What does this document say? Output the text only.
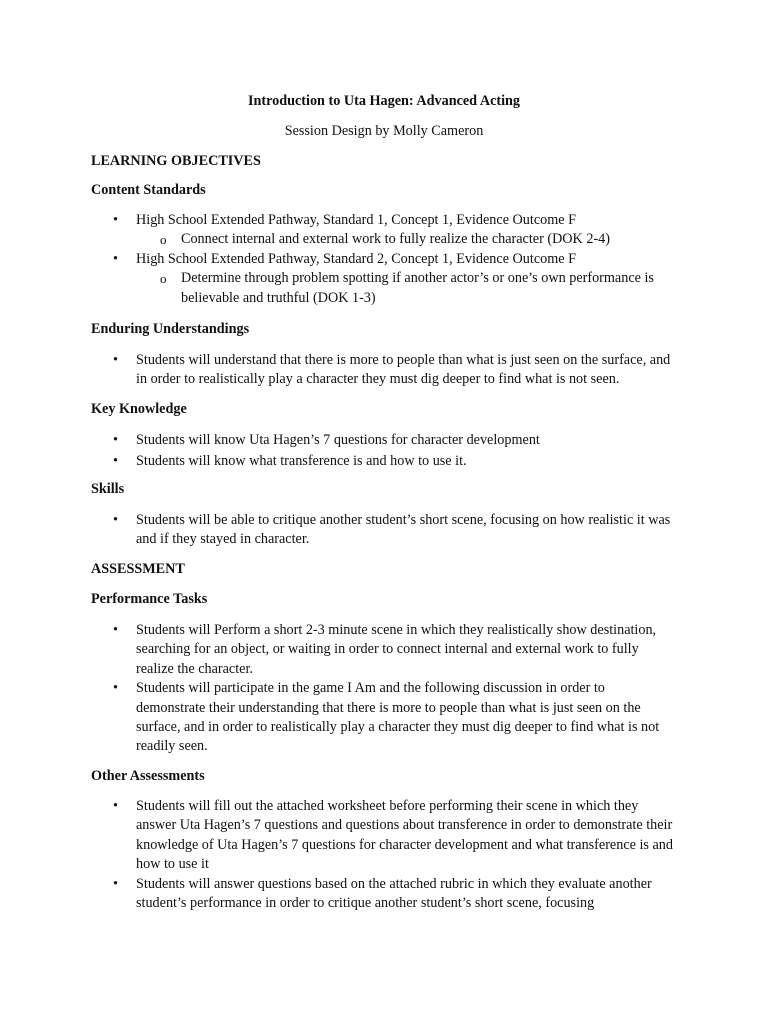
Introduction to Uta Hagen: Advanced Acting
Session Design by Molly Cameron
LEARNING OBJECTIVES
Content Standards
• High School Extended Pathway, Standard 1, Concept 1, Evidence Outcome F
o Connect internal and external work to fully realize the character (DOK 2-4)
• High School Extended Pathway, Standard 2, Concept 1, Evidence Outcome F
o Determine through problem spotting if another actor’s or one’s own performance is believable and truthful (DOK 1-3)
Enduring Understandings
• Students will understand that there is more to people than what is just seen on the surface, and in order to realistically play a character they must dig deeper to find what is not seen.
Key Knowledge
• Students will know Uta Hagen’s 7 questions for character development
• Students will know what transference is and how to use it.
Skills
• Students will be able to critique another student’s short scene, focusing on how realistic it was and if they stayed in character.
ASSESSMENT
Performance Tasks
• Students will Perform a short 2-3 minute scene in which they realistically show destination, searching for an object, or waiting in order to connect internal and external work to fully realize the character.
• Students will participate in the game I Am and the following discussion in order to demonstrate their understanding that there is more to people than what is just seen on the surface, and in order to realistically play a character they must dig deeper to find what is not readily seen.
Other Assessments
• Students will fill out the attached worksheet before performing their scene in which they answer Uta Hagen’s 7 questions and questions about transference in order to demonstrate their knowledge of Uta Hagen’s 7 questions for character development and what transference is and how to use it
• Students will answer questions based on the attached rubric in which they evaluate another student’s performance in order to critique another student’s short scene, focusing
